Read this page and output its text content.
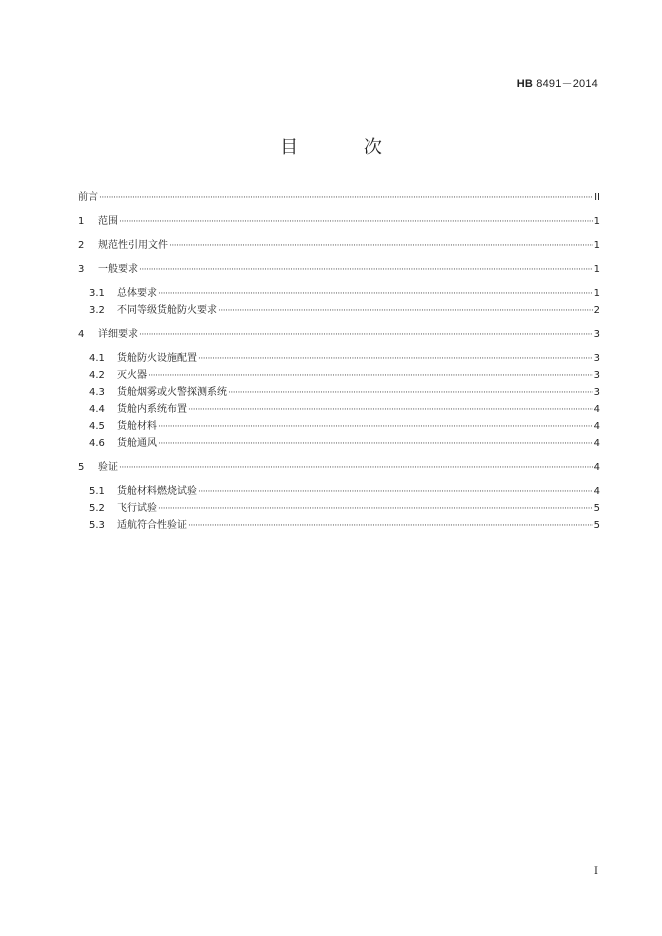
HB 8491－2014
目 次
前言 ·····	II
1	范围 ·····	1
2	规范性引用文件 ·····	1
3	一般要求 ·····	1
3.1	总体要求 ·····	1
3.2	不同等级货舱防火要求 ·····	2
4	详细要求 ·····	3
4.1	货舱防火设施配置 ·····	3
4.2	灭火器 ·····	3
4.3	货舱烟雾或火警探测系统 ·····	3
4.4	货舱内系统布置 ·····	4
4.5	货舱材料 ·····	4
4.6	货舱通风 ·····	4
5	验证 ·····	4
5.1	货舱材料燃烧试验 ·····	4
5.2	飞行试验 ·····	5
5.3	适航符合性验证 ·····	5
I
